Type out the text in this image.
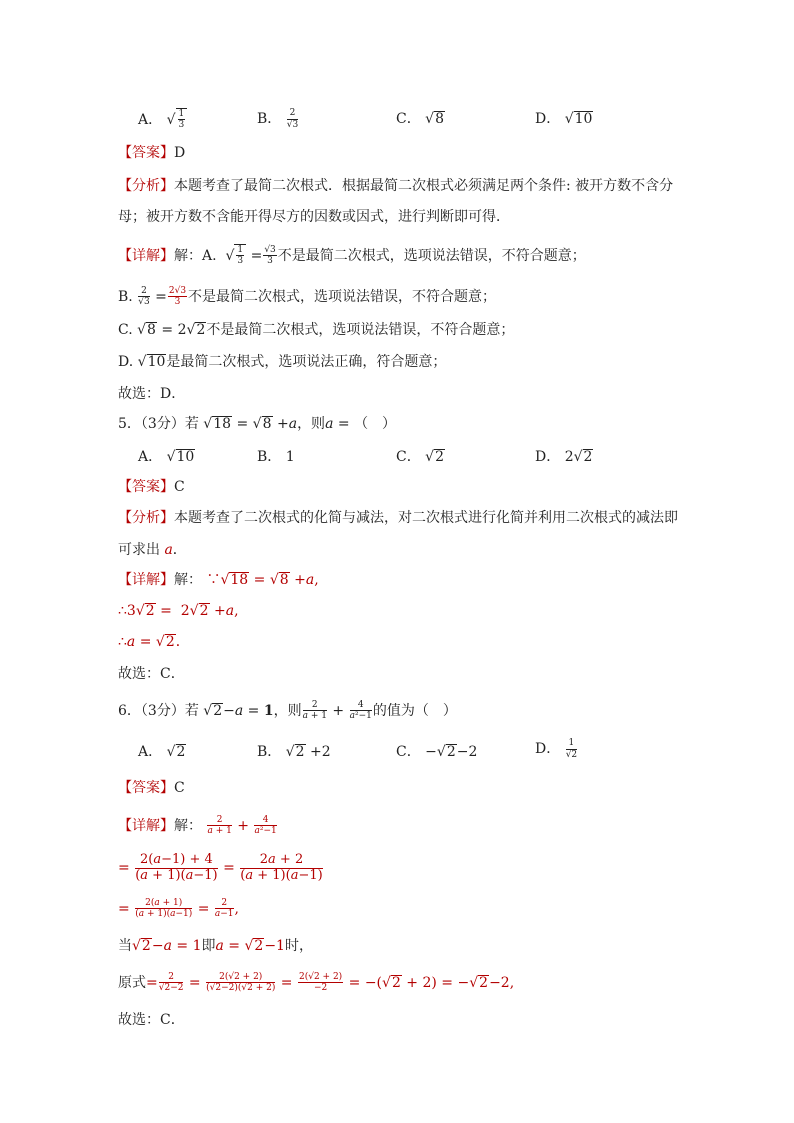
A． √ $\frac{1}{3}$	B． $\frac{2}{√3}$	C． √8	D． √10
【答案】D
【分析】本题考查了最简二次根式．根据最简二次根式必须满足两个条件: 被开方数不含分
母；被开方数不含能开得尽方的因数或因式，进行判断即可得．
【详解】解：A. √ $\frac{1}{3} = \frac{√3}{3}$ 不是最简二次根式，选项说法错误，不符合题意；
B. $\frac{2}{√3} = \frac{2√3}{3}$ 不是最简二次根式，选项说法错误，不符合题意；
C. √8 = 2√2不是最简二次根式，选项说法错误，不符合题意；
D. √10是最简二次根式，选项说法正确，符合题意；
故选：D．
5．（3分）若 √18 = √8 +a，则a = （　）
A． √10	B． 1	C． √2	D． 2√2
【答案】C
【分析】本题考查了二次根式的化简与减法，对二次根式进行化简并利用二次根式的减法即
可求出 a．
【详解】解： ∵√18 = √8 +a,
∴3√2 =  2√2 +a,
∴a = √2．
故选：C．
6．（3分）若 √2−a = 1，则 $\frac{2}{a + 1} + \frac{4}{\text{a²−1}}$ 的值为（　）
A． √2	B． √2 +2	C． −√2−2	D． $\frac{1}{√2}$
【答案】C
【详解】解： $\frac{2}{a + 1} + \frac{4}{\text{a²−1}}$
= $\frac{2(a-1) + 4}{(a + 1)(a-1)} = \frac{2a + 2}{(a + 1)(a-1)}$
= $\frac{2(a + 1)}{(a + 1)(a-1)} = \frac{2}{a-1}$ ,
当√2−a = 1即a = √2−1时，
原式= $\frac{2}{√2-2} = \frac{2(√2 + 2)}{(√2-2)(√2 + 2)} = \frac{2(√2 + 2)}{-2} = -(√2 + 2) = -√2-2$,
故选：C．
